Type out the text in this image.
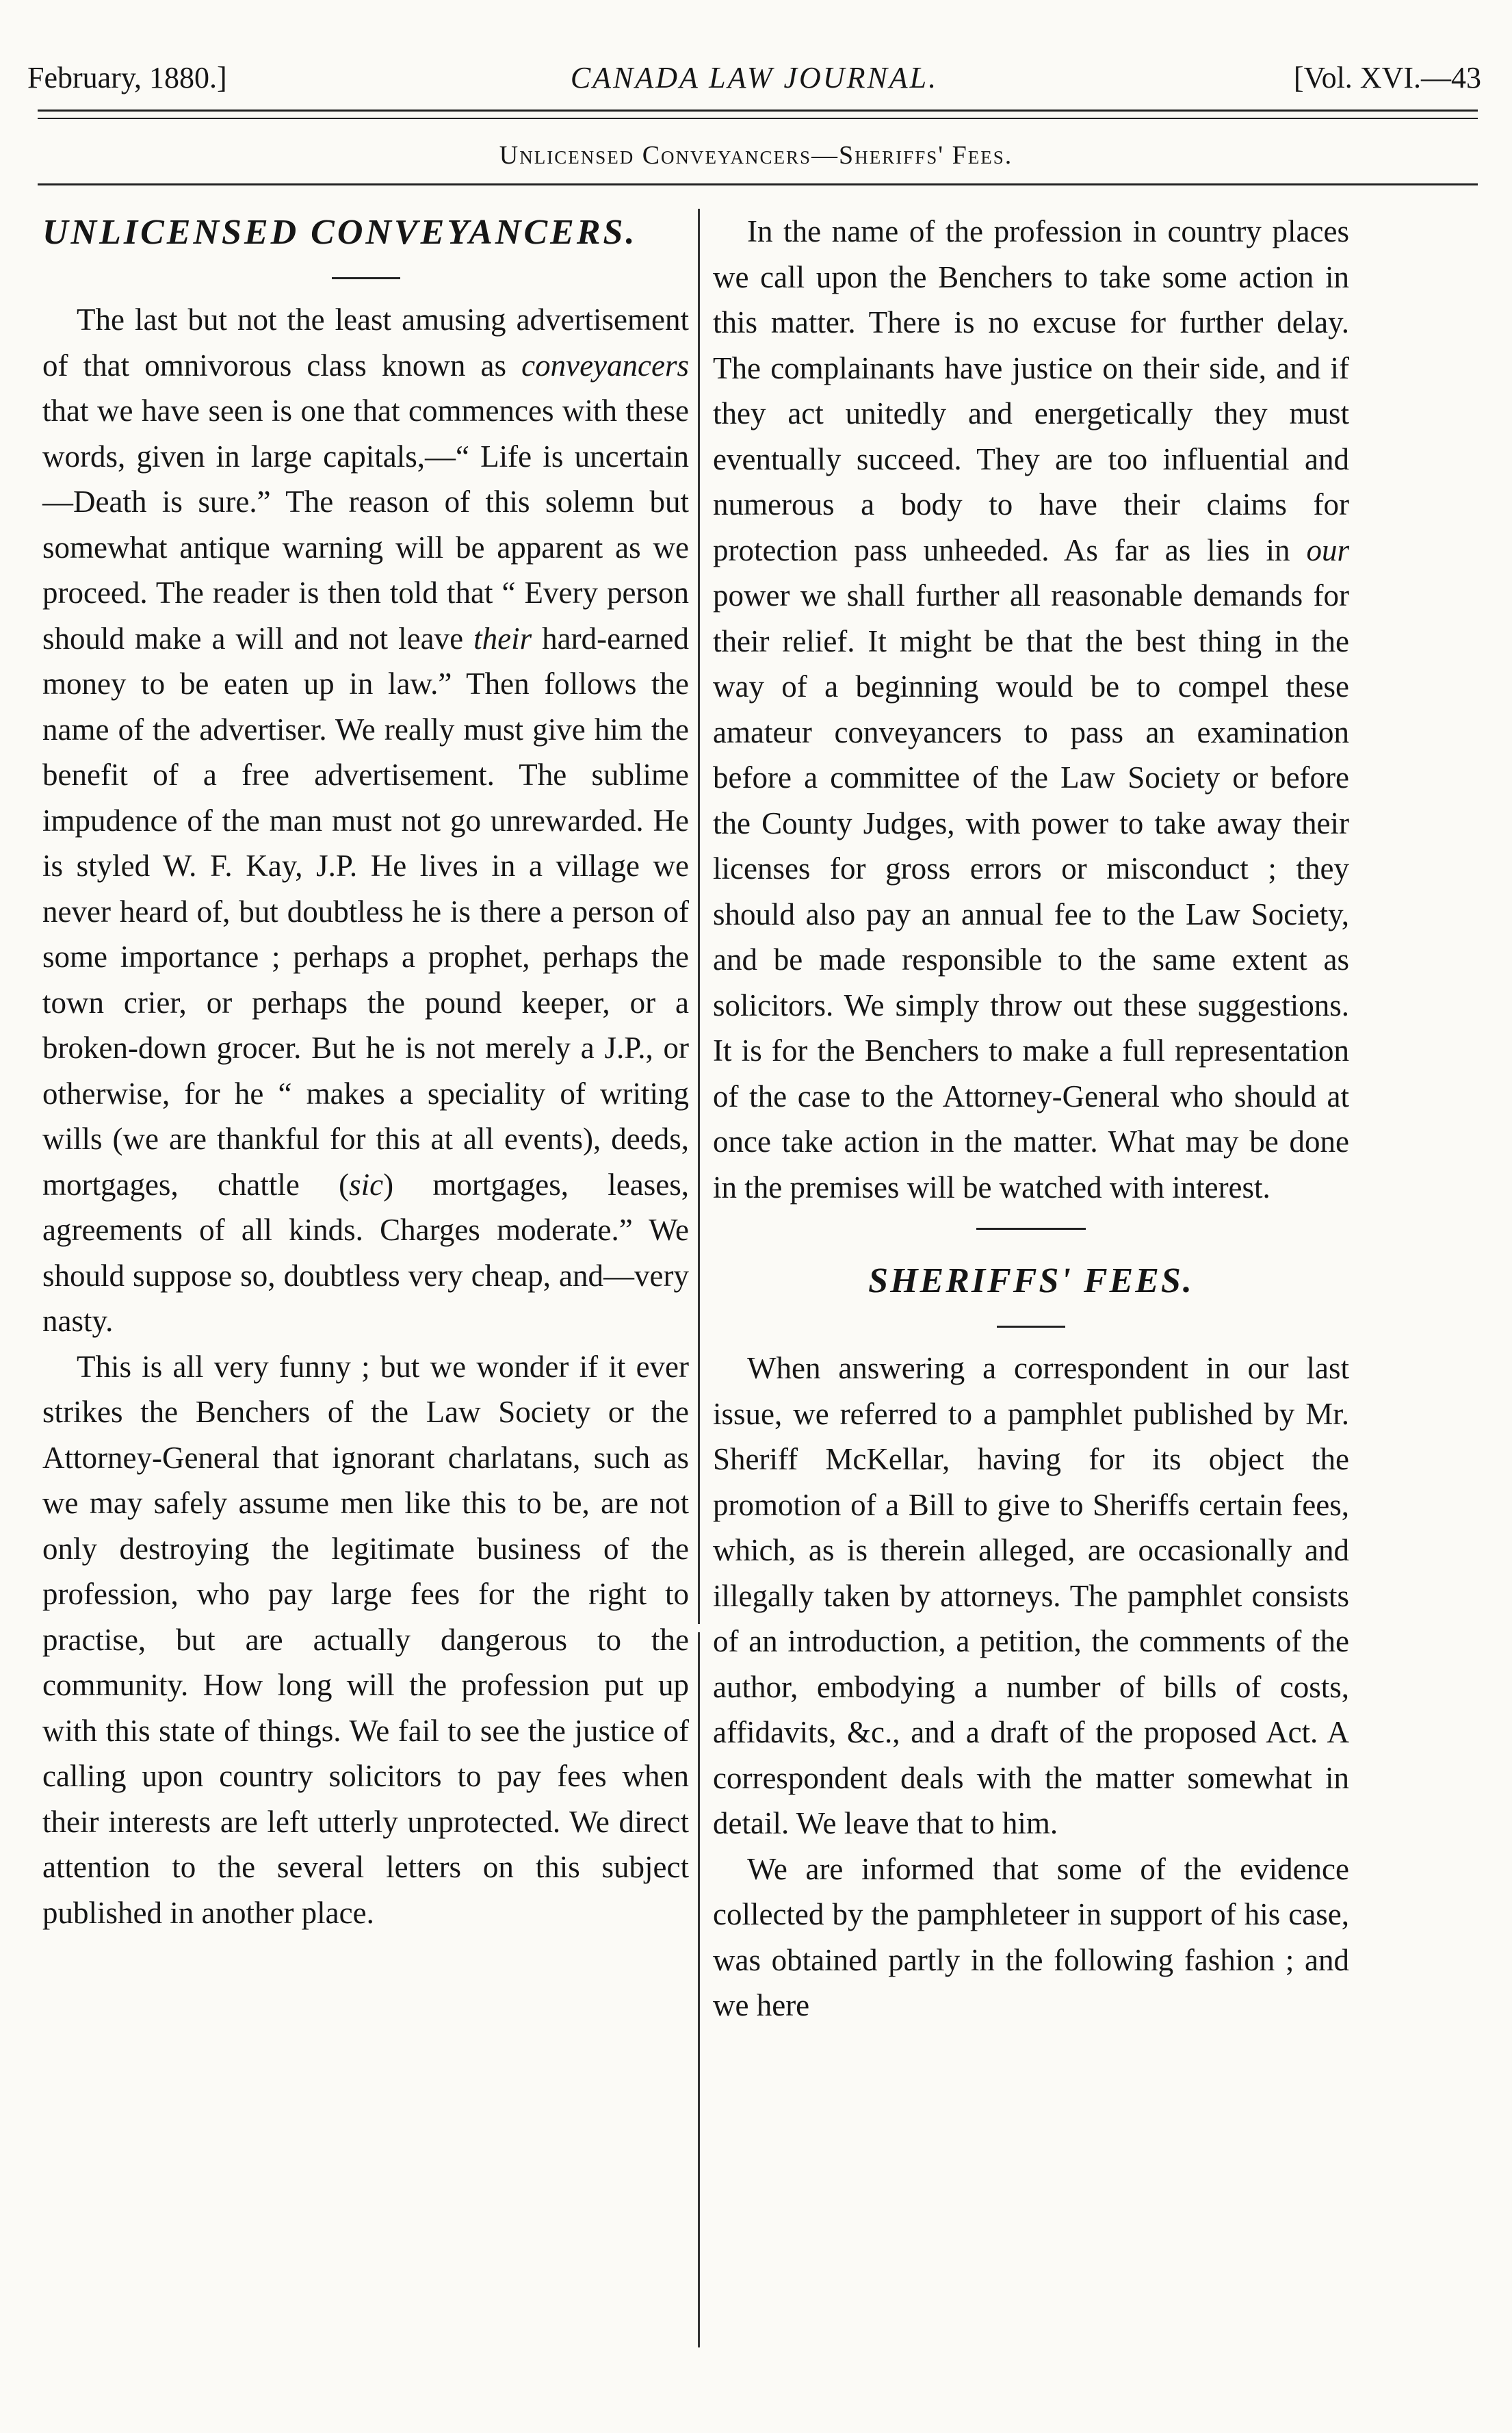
February, 1880.]	CANADA LAW JOURNAL.	[Vol. XVI.—43
Unlicensed Conveyancers—Sheriffs' Fees.
UNLICENSED CONVEYANCERS.

The last but not the least amusing advertisement of that omnivorous class known as conveyancers that we have seen is one that commences with these words, given in large capitals,—“ Life is uncertain—Death is sure.” The reason of this solemn but somewhat antique warning will be apparent as we proceed. The reader is then told that “ Every person should make a will and not leave their hard-earned money to be eaten up in law.” Then follows the name of the advertiser. We really must give him the benefit of a free advertisement. The sublime impudence of the man must not go unrewarded. He is styled W. F. Kay, J.P. He lives in a village we never heard of, but doubtless he is there a person of some importance ; perhaps a prophet, perhaps the town crier, or perhaps the pound keeper, or a broken-down grocer. But he is not merely a J.P., or otherwise, for he “ makes a speciality of writing wills (we are thankful for this at all events), deeds, mortgages, chattle (sic) mortgages, leases, agreements of all kinds. Charges moderate.” We should suppose so, doubtless very cheap, and—very nasty.

This is all very funny ; but we wonder if it ever strikes the Benchers of the Law Society or the Attorney-General that ignorant charlatans, such as we may safely assume men like this to be, are not only destroying the legitimate business of the profession, who pay large fees for the right to practise, but are actually dangerous to the community. How long will the profession put up with this state of things. We fail to see the justice of calling upon country solicitors to pay fees when their interests are left utterly unprotected. We direct attention to the several letters on this subject published in another place.

In the name of the profession in country places we call upon the Benchers to take some action in this matter. There is no excuse for further delay. The complainants have justice on their side, and if they act unitedly and energetically they must eventually succeed. They are too influential and numerous a body to have their claims for protection pass unheeded. As far as lies in our power we shall further all reasonable demands for their relief. It might be that the best thing in the way of a beginning would be to compel these amateur conveyancers to pass an examination before a committee of the Law Society or before the County Judges, with power to take away their licenses for gross errors or misconduct ; they should also pay an annual fee to the Law Society, and be made responsible to the same extent as solicitors. We simply throw out these suggestions. It is for the Benchers to make a full representation of the case to the Attorney-General who should at once take action in the matter. What may be done in the premises will be watched with interest.

SHERIFFS' FEES.

When answering a correspondent in our last issue, we referred to a pamphlet published by Mr. Sheriff McKellar, having for its object the promotion of a Bill to give to Sheriffs certain fees, which, as is therein alleged, are occasionally and illegally taken by attorneys. The pamphlet consists of an introduction, a petition, the comments of the author, embodying a number of bills of costs, affidavits, &c., and a draft of the proposed Act. A correspondent deals with the matter somewhat in detail. We leave that to him.

We are informed that some of the evidence collected by the pamphleteer in support of his case, was obtained partly in the following fashion ; and we here
